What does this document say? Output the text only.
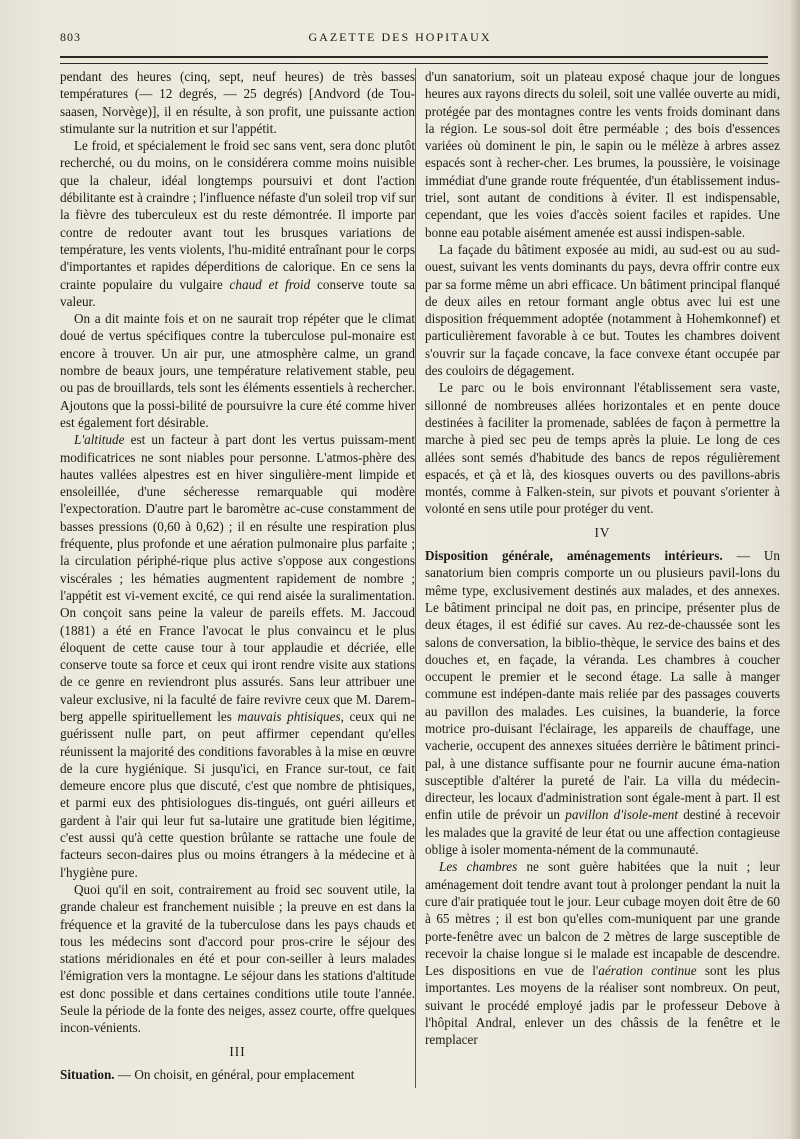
803	GAZETTE DES HOPITAUX

pendant des heures (cinq, sept, neuf heures) de très basses températures (— 12 degrés, — 25 degrés) [Andvord (de Tou-saasen, Norvège)], il en résulte, à son profit, une puissante action stimulante sur la nutrition et sur l'appétit.

Le froid, et spécialement le froid sec sans vent, sera donc plutôt recherché, ou du moins, on le considérera comme moins nuisible que la chaleur, idéal longtemps poursuivi et dont l'action débilitante est à craindre ; l'influence néfaste d'un soleil trop vif sur la fièvre des tuberculeux est du reste démontrée. Il importe par contre de redouter avant tout les brusques variations de température, les vents violents, l'hu-midité entraînant pour le corps d'importantes et rapides déperditions de calorique. En ce sens la crainte populaire du vulgaire chaud et froid conserve toute sa valeur.

On a dit mainte fois et on ne saurait trop répéter que le climat doué de vertus spécifiques contre la tuberculose pul-monaire est encore à trouver. Un air pur, une atmosphère calme, un grand nombre de beaux jours, une température relativement stable, peu ou pas de brouillards, tels sont les éléments essentiels à rechercher. Ajoutons que la possi-bilité de poursuivre la cure été comme hiver est également fort désirable.

L'altitude est un facteur à part dont les vertus puissam-ment modificatrices ne sont niables pour personne. L'atmos-phère des hautes vallées alpestres est en hiver singulière-ment limpide et ensoleillée, d'une sécheresse remarquable qui modère l'expectoration. D'autre part le baromètre ac-cuse constamment de basses pressions (0,60 à 0,62) ; il en résulte une respiration plus fréquente, plus profonde et une aération pulmonaire plus parfaite ; la circulation périphé-rique plus active s'oppose aux congestions viscérales ; les hématies augmentent rapidement de nombre ; l'appétit est vi-vement excité, ce qui rend aisée la suralimentation. On conçoit sans peine la valeur de pareils effets. M. Jaccoud (1881) a été en France l'avocat le plus convaincu et le plus éloquent de cette cause tour à tour applaudie et décriée, elle conserve toute sa force et ceux qui iront rendre visite aux stations de ce genre en reviendront plus assurés. Sans leur attribuer une valeur exclusive, ni la faculté de faire revivre ceux que M. Darem-berg appelle spirituellement les mauvais phtisiques, ceux qui ne guérissent nulle part, on peut affirmer cependant qu'elles réunissent la majorité des conditions favorables à la mise en œuvre de la cure hygiénique. Si jusqu'ici, en France sur-tout, ce fait demeure encore plus que discuté, c'est que nombre de phtisiques, et parmi eux des phtisiologues dis-tingués, ont guéri ailleurs et gardent à l'air qui leur fut sa-lutaire une gratitude bien légitime, c'est aussi qu'à cette question brûlante se rattache une foule de facteurs secon-daires plus ou moins étrangers à la médecine et à l'hygiène pure.

Quoi qu'il en soit, contrairement au froid sec souvent utile, la grande chaleur est franchement nuisible ; la preuve en est dans la fréquence et la gravité de la tuberculose dans les pays chauds et tous les médecins sont d'accord pour pros-crire le séjour des stations méridionales en été et pour con-seiller à leurs malades l'émigration vers la montagne. Le séjour dans les stations d'altitude est donc possible et dans certaines conditions utile toute l'année. Seule la période de la fonte des neiges, assez courte, offre quelques incon-vénients.

III

Situation. — On choisit, en général, pour emplacement

d'un sanatorium, soit un plateau exposé chaque jour de longues heures aux rayons directs du soleil, soit une vallée ouverte au midi, protégée par des montagnes contre les vents froids dominant dans la région. Le sous-sol doit être perméable ; des bois d'essences variées où dominent le pin, le sapin ou le mélèze à arbres assez espacés sont à recher-cher. Les brumes, la poussière, le voisinage immédiat d'une grande route fréquentée, d'un établissement indus-triel, sont autant de conditions à éviter. Il est indispensable, cependant, que les voies d'accès soient faciles et rapides. Une bonne eau potable aisément amenée est aussi indispen-sable.

La façade du bâtiment exposée au midi, au sud-est ou au sud-ouest, suivant les vents dominants du pays, devra offrir contre eux par sa forme même un abri efficace. Un bâtiment principal flanqué de deux ailes en retour formant angle obtus avec lui est une disposition fréquemment adoptée (notamment à Hohemkonnef) et particulièrement favorable à ce but. Toutes les chambres doivent s'ouvrir sur la façade concave, la face convexe étant occupée par des couloirs de dégagement.

Le parc ou le bois environnant l'établissement sera vaste, sillonné de nombreuses allées horizontales et en pente douce destinées à faciliter la promenade, sablées de façon à permettre la marche à pied sec peu de temps après la pluie. Le long de ces allées sont semés d'habitude des bancs de repos régulièrement espacés, et çà et là, des kiosques ouverts ou des pavillons-abris montés, comme à Falken-stein, sur pivots et pouvant s'orienter à volonté en sens utile pour protéger du vent.

IV

Disposition générale, aménagements intérieurs. — Un sanatorium bien compris comporte un ou plusieurs pavil-lons du même type, exclusivement destinés aux malades, et des annexes. Le bâtiment principal ne doit pas, en principe, présenter plus de deux étages, il est édifié sur caves. Au rez-de-chaussée sont les salons de conversation, la biblio-thèque, le service des bains et des douches et, en façade, la véranda. Les chambres à coucher occupent le premier et le second étage. La salle à manger commune est indépen-dante mais reliée par des passages couverts au pavillon des malades. Les cuisines, la buanderie, la force motrice pro-duisant l'éclairage, les appareils de chauffage, une vacherie, occupent des annexes situées derrière le bâtiment princi-pal, à une distance suffisante pour ne fournir aucune éma-nation susceptible d'altérer la pureté de l'air. La villa du médecin-directeur, les locaux d'administration sont égale-ment à part. Il est enfin utile de prévoir un pavillon d'isole-ment destiné à recevoir les malades que la gravité de leur état ou une affection contagieuse oblige à isoler momenta-nément de la communauté.

Les chambres ne sont guère habitées que la nuit ; leur aménagement doit tendre avant tout à prolonger pendant la nuit la cure d'air pratiquée tout le jour. Leur cubage moyen doit être de 60 à 65 mètres ; il est bon qu'elles com-muniquent par une grande porte-fenêtre avec un balcon de 2 mètres de large susceptible de recevoir la chaise longue si le malade est incapable de descendre. Les dispositions en vue de l'aération continue sont les plus importantes. Les moyens de la réaliser sont nombreux. On peut, suivant le procédé employé jadis par le professeur Debove à l'hôpital Andral, enlever un des châssis de la fenêtre et le remplacer
